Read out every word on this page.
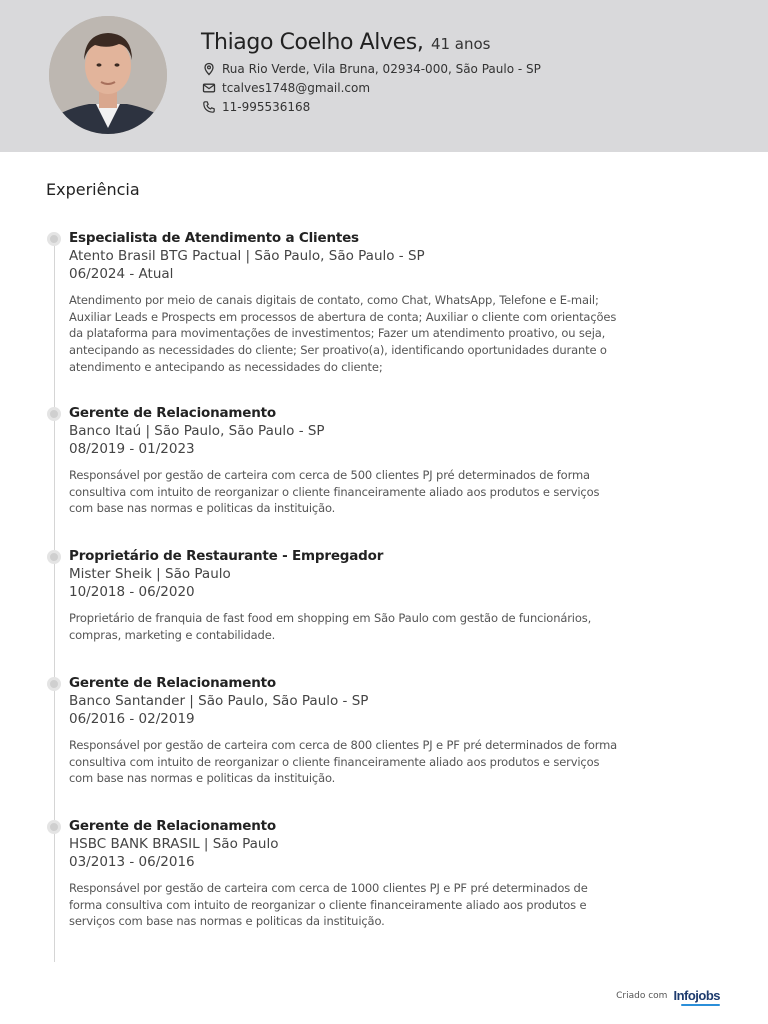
Thiago Coelho Alves, 41 anos
Rua Rio Verde, Vila Bruna, 02934-000, São Paulo - SP
tcalves1748@gmail.com
11-995536168
Experiência
Especialista de Atendimento a Clientes
Atento Brasil BTG Pactual | São Paulo, São Paulo - SP
06/2024 - Atual
Atendimento por meio de canais digitais de contato, como Chat, WhatsApp, Telefone e E-mail; Auxiliar Leads e Prospects em processos de abertura de conta; Auxiliar o cliente com orientações da plataforma para movimentações de investimentos; Fazer um atendimento proativo, ou seja, antecipando as necessidades do cliente; Ser proativo(a), identificando oportunidades durante o atendimento e antecipando as necessidades do cliente;
Gerente de Relacionamento
Banco Itaú | São Paulo, São Paulo - SP
08/2019 - 01/2023
Responsável por gestão de carteira com cerca de 500 clientes PJ pré determinados de forma consultiva com intuito de reorganizar o cliente financeiramente aliado aos produtos e serviços com base nas normas e politicas da instituição.
Proprietário de Restaurante - Empregador
Mister Sheik | São Paulo
10/2018 - 06/2020
Proprietário de franquia de fast food em shopping em São Paulo com gestão de funcionários, compras, marketing e contabilidade.
Gerente de Relacionamento
Banco Santander | São Paulo, São Paulo - SP
06/2016 - 02/2019
Responsável por gestão de carteira com cerca de 800 clientes PJ e PF pré determinados de forma consultiva com intuito de reorganizar o cliente financeiramente aliado aos produtos e serviços com base nas normas e politicas da instituição.
Gerente de Relacionamento
HSBC BANK BRASIL | São Paulo
03/2013 - 06/2016
Responsável por gestão de carteira com cerca de 1000 clientes PJ e PF pré determinados de forma consultiva com intuito de reorganizar o cliente financeiramente aliado aos produtos e serviços com base nas normas e politicas da instituição.
Criado com Infojobs
